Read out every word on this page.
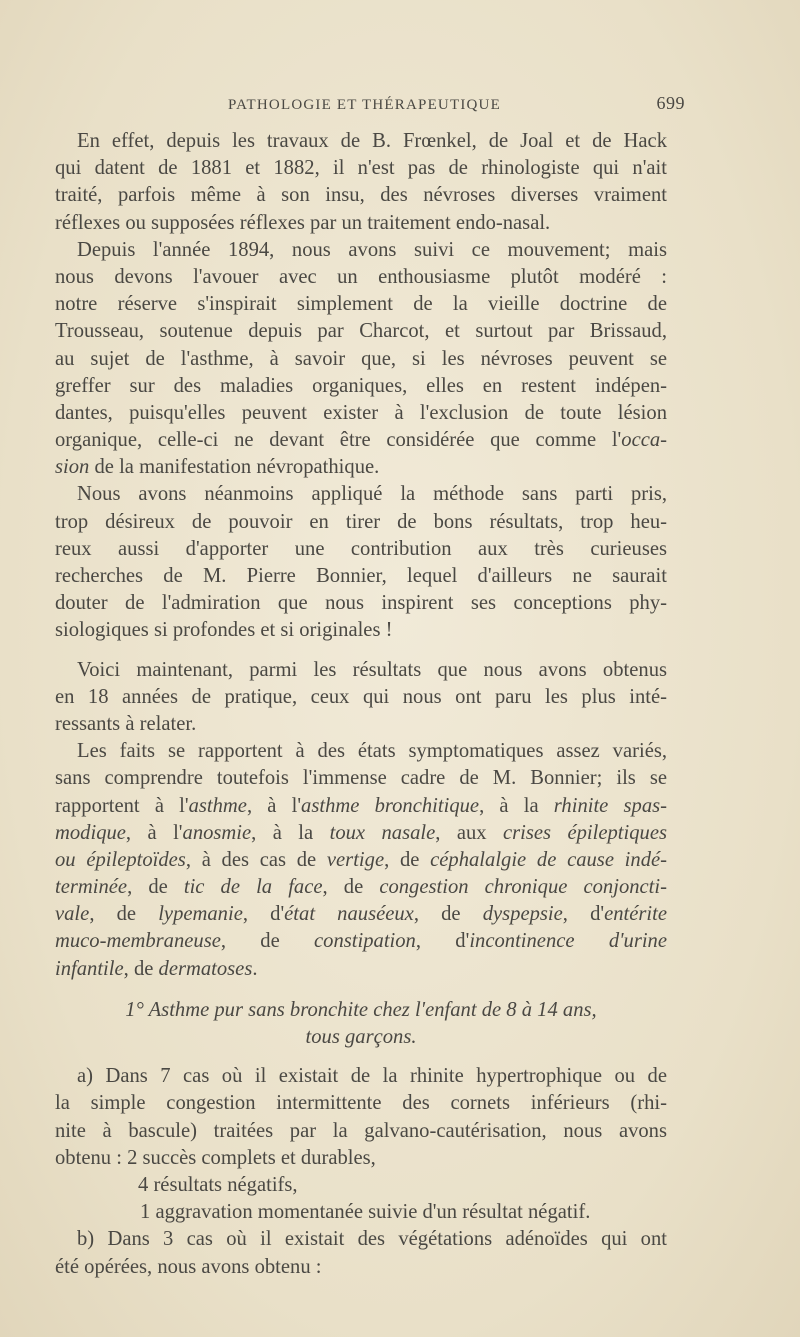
PATHOLOGIE ET THÉRAPEUTIQUE	699
En effet, depuis les travaux de B. Frœnkel, de Joal et de Hack
qui datent de 1881 et 1882, il n'est pas de rhinologiste qui n'ait
traité, parfois même à son insu, des névroses diverses vraiment
réflexes ou supposées réflexes par un traitement endo-nasal.
Depuis l'année 1894, nous avons suivi ce mouvement; mais
nous devons l'avouer avec un enthousiasme plutôt modéré :
notre réserve s'inspirait simplement de la vieille doctrine de
Trousseau, soutenue depuis par Charcot, et surtout par Brissaud,
au sujet de l'asthme, à savoir que, si les névroses peuvent se
greffer sur des maladies organiques, elles en restent indépen-
dantes, puisqu'elles peuvent exister à l'exclusion de toute lésion
organique, celle-ci ne devant être considérée que comme l'occa-
sion de la manifestation névropathique.
Nous avons néanmoins appliqué la méthode sans parti pris,
trop désireux de pouvoir en tirer de bons résultats, trop heu-
reux aussi d'apporter une contribution aux très curieuses
recherches de M. Pierre Bonnier, lequel d'ailleurs ne saurait
douter de l'admiration que nous inspirent ses conceptions phy-
siologiques si profondes et si originales !
Voici maintenant, parmi les résultats que nous avons obtenus
en 18 années de pratique, ceux qui nous ont paru les plus inté-
ressants à relater.
Les faits se rapportent à des états symptomatiques assez variés,
sans comprendre toutefois l'immense cadre de M. Bonnier; ils se
rapportent à l'asthme, à l'asthme bronchitique, à la rhinite spas-
modique, à l'anosmie, à la toux nasale, aux crises épileptiques
ou épileptoïdes, à des cas de vertige, de céphalalgie de cause indé-
terminée, de tic de la face, de congestion chronique conjoncti-
vale, de lypemanie, d'état nauséeux, de dyspepsie, d'entérite
muco-membraneuse, de constipation, d'incontinence d'urine
infantile, de dermatoses.
1° Asthme pur sans bronchite chez l'enfant de 8 à 14 ans,
tous garçons.
a) Dans 7 cas où il existait de la rhinite hypertrophique ou de
la simple congestion intermittente des cornets inférieurs (rhi-
nite à bascule) traitées par la galvano-cautérisation, nous avons
obtenu : 2 succès complets et durables,
4 résultats négatifs,
1 aggravation momentanée suivie d'un résultat négatif.
b) Dans 3 cas où il existait des végétations adénoïdes qui ont
été opérées, nous avons obtenu :
